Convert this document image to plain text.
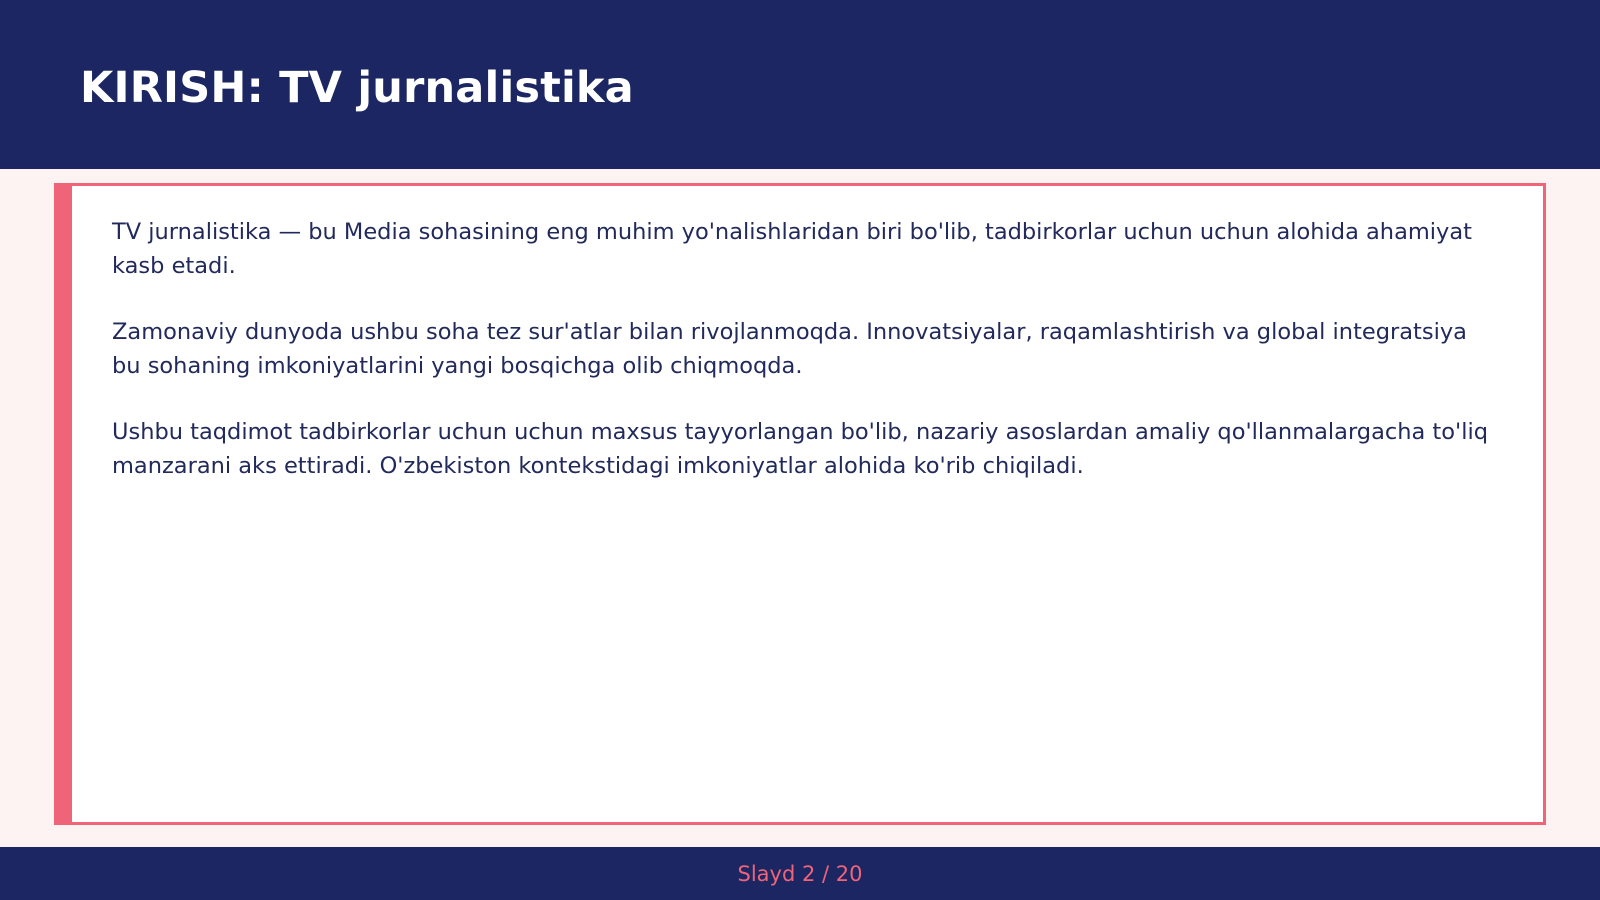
KIRISH: TV jurnalistika

TV jurnalistika — bu Media sohasining eng muhim yo'nalishlaridan biri bo'lib, tadbirkorlar uchun uchun alohida ahamiyat kasb etadi.

Zamonaviy dunyoda ushbu soha tez sur'atlar bilan rivojlanmoqda. Innovatsiyalar, raqamlashtirish va global integratsiya bu sohaning imkoniyatlarini yangi bosqichga olib chiqmoqda.

Ushbu taqdimot tadbirkorlar uchun uchun maxsus tayyorlangan bo'lib, nazariy asoslardan amaliy qo'llanmalargacha to'liq manzarani aks ettiradi. O'zbekiston kontekstidagi imkoniyatlar alohida ko'rib chiqiladi.

Slayd 2 / 20
